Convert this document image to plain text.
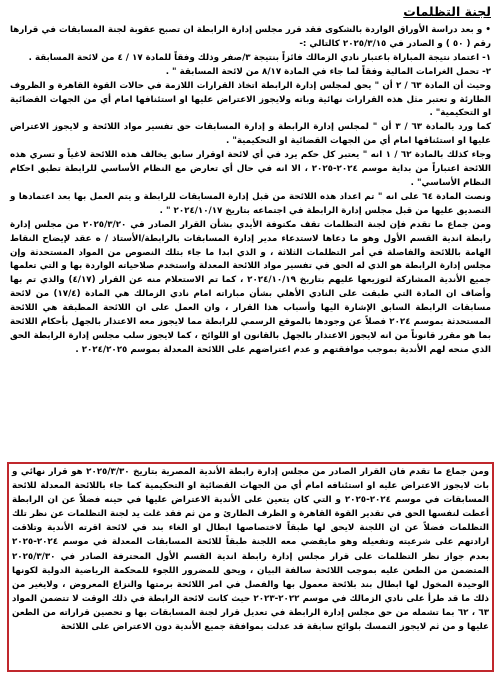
لجنة التظلمات

• و بعد دراسة الأوراق الواردة بالشكوى فقد قرر مجلس إدارة الرابطة ان تصبح عقوبة لجنة المسابقات في قرارها رقم ( ٥٠ ) و الصادر في ٢٠٢٥/٣/١٥ كالتالي :-

١- اعتماد نتيجة المباراة باعتبار نادي الزمالك فائزاً بنتيجة ٣/صفر وذلك وفقاً للمادة ١٧ / ٤ من لائحة المسابقة .

٢- تحمل الغرامات المالية وفقاً لما جاء في المادة ٨/١٧ من لائحة المسابقة " .

وحيث أن المادة ٦٣ / ٢ أن " يحق لمجلس إدارة الرابطة اتخاذ القرارات اللازمة في حالات القوة القاهرة و الظروف الطارئة و تعتبر مثل هذه القرارات نهائية وباته ولايجوز الاعتراض عليها او استئنافها امام أي من الجهات القضائية او التحكيمية" .

كما ورد بالمادة ٦٣ / ٣ أن " لمجلس إدارة الرابطة و إدارة المسابقات حق تفسير مواد اللائحة و لايجوز الاعتراض عليها او استئنافها امام أي من الجهات القضائية او التحكيمية" .

وجاء كذلك بالمادة ٦٢ / ١ انه " يعتبر كل حكم يرد في أي لائحة اوقرار سابق يخالف هذه اللائحة لاغياً و تسري هذه اللائحة اعتباراً من بداية موسم ٢٠٢٤-٢٠٢٥ ، الا انه في حال أي تعارض مع النظام الأساسي للرابطة تطبق احكام النظام الأساسي" .

ونصت المادة ٦٤ على انه " تم اعداد هذه اللائحة من قبل إدارة المسابقات للرابطة و يتم العمل بها بعد اعتمادها و التصديق عليها من قبل مجلس إدارة الرابطة في اجتماعه بتاريخ ٢٠٢٤/١٠/١٧ " .

ومن جماع ما تقدم فإن لجنة التظلمات تقف مكتوفة الأيدي بشأن القرار الصادر في ٢٠٢٥/٣/٢٠ من مجلس إدارة رابطة اندية القسم الأول وهو ما دعاها لاستدعاء مدير إدارة المسابقات بالرابطة/الأستاذ / ه عقد لإيضاح النقاط الهامة باللائحة والفاصلة في أمر التظلمات الثلاثة ، و الذي ابدا ما جاء بتلك النصوص من المواد المستحدثة وإن مجلس إدارة الرابطة هو الذي له الحق في تفسير مواد اللائحة المعدلة واستخدم صلاحياته الواردة بها و التي تعلمها جميع الأندية المشاركة لتوزيعها عليهم بتاريخ ٢٠٢٤/١٠/١٩ ، كما تم الاستعلام منه عن القرار (٤/١٧) والذي تم بها وأضاف ان المادة التي طبقت على النادي الأهلي بشأن مباراته امام نادي الزمالك هي المادة (١٧/٤) من لائحة مسابقات الرابطة السابق الإشارة اليها وأسباب هذا القرار ، وان العمل على ان اللائحة المطبقة هي اللائحة المستحدثة بموسم ٢٠٢٤ فصلاً عن وجودها بالموقع الرسمي للرابطة مما لايجوز معه الاعتذار بالجهل بأحكام اللائحة بما هو مقرر قانوناً من انه لايجوز الاعتذار بالجهل بالقانون او اللوائح ، كما لايجوز سلب مجلس إدارة الرابطة الحق الذي منحه لهم الأندية بموجب موافقتهم و عدم اعتراضهم على اللائحة المعدلة بموسم ٢٠٢٤/٢٠٢٥ .

ومن جماع ما تقدم فان القرار الصادر من مجلس إدارة رابطة الأندية المصرية بتاريخ ٢٠٢٥/٣/٣٠ هو قرار نهائي و بات لايجوز الاعتراض عليه او استئنافه امام أي من الجهات القضائية او التحكيمية كما جاء باللائحة المعدلة للائحة المسابقات في موسم ٢٠٢٤-٢٠٢٥ و التي كان يتعين على الأندية الاعتراض عليها في حينه فضلاً عن ان الرابطة أعطت لنفسها الحق في تقدير القوة القاهرة و الظرف الطارئ و من ثم فقد غلت يد لجنة التظلمات عن نظر تلك التظلمات فضلاً عن ان اللجنة لايحق لها طبقاً لاختصاصها ابطال او الغاء بند في لائحة اقرته الأندية وتلاقت ارادتهم على شرعيته وتفعيله وهو مايقضي معه اللجنة طبقاً للائحة المسابقات المعدلة في موسم ٢٠٢٤-٢٠٢٥ بعدم جواز نظر التظلمات على قرار مجلس إدارة رابطة اندية القسم الأول المحترفة الصادر في ٢٠٢٥/٣/٣٠ المتضمن من الطعن عليه بموجب اللائحة سالفة البيان ، ويحق للمضرور اللجوء للمحكمة الرياضية الدولية لكونها الوحيدة المخول لها ابطال بند بلائحة معمول بها والفصل في امر اللائحة برمتها والنزاع المعروض ، ولايغير من ذلك ما قد طرأ على نادي الزمالك في موسم ٢٠٢٢-٢٠٢٣ حيث كانت لائحة الرابطة في ذلك الوقت لا تتضمن المواد ٦٣ ، ٦٢ بما تشمله من حق مجلس إدارة الرابطة في تعديل قرار لجنة المسابقات بها و تحصين قراراته من الطعن عليها و من ثم لايجوز التمسك بلوائح سابقة قد عدلت بموافقة جميع الأندية دون الاعتراض على اللائحة
